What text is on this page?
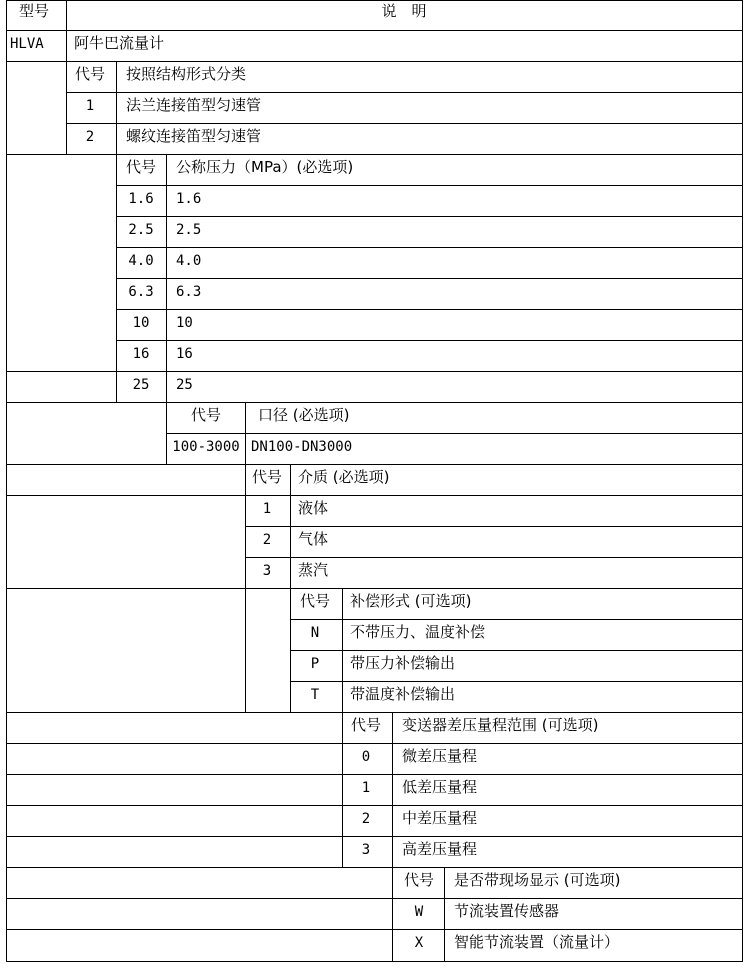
型号	说　明
HLVA 阿牛巴流量计
代号 按照结构形式分类
1 法兰连接笛型匀速管
2 螺纹连接笛型匀速管
代号 公称压力（MPa）(必选项)
1.6 1.6
2.5 2.5
4.0 4.0
6.3 6.3
10 10
16 16
25 25
代号 口径 (必选项)
100-3000 DN100-DN3000
代号 介质 (必选项)
1 液体
2 气体
3 蒸汽
代号 补偿形式 (可选项)
N 不带压力、温度补偿
P 带压力补偿输出
T 带温度补偿输出
代号 变送器差压量程范围 (可选项)
0 微差压量程
1 低差压量程
2 中差压量程
3 高差压量程
代号 是否带现场显示 (可选项)
W 节流装置传感器
X 智能节流装置（流量计）
